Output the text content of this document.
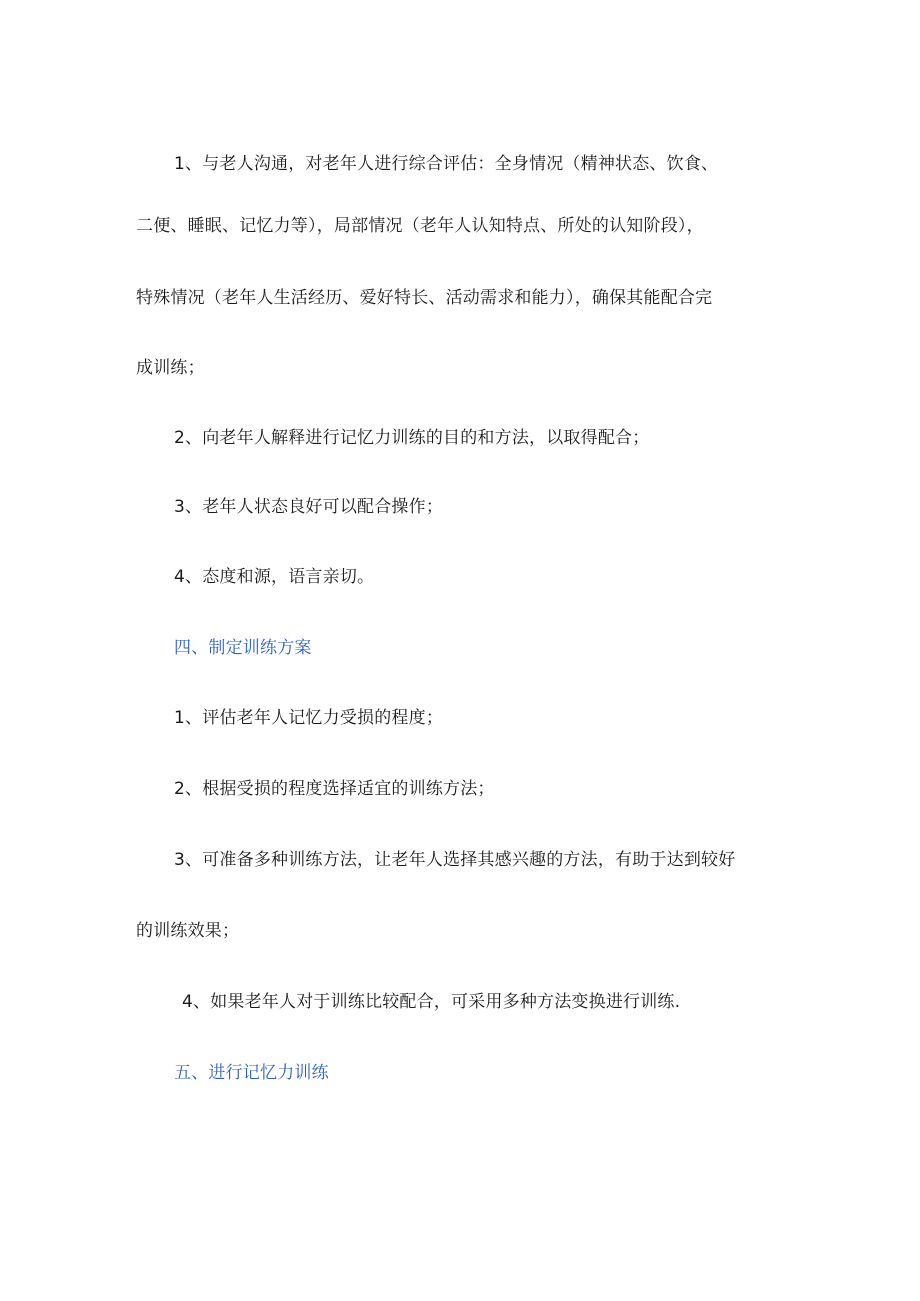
1、与老人沟通，对老年人进行综合评估：全身情况（精神状态、饮食、
二便、睡眠、记忆力等），局部情况（老年人认知特点、所处的认知阶段），
特殊情况（老年人生活经历、爱好特长、活动需求和能力），确保其能配合完
成训练；
2、向老年人解释进行记忆力训练的目的和方法，以取得配合；
3、老年人状态良好可以配合操作；
4、态度和源，语言亲切。
四、制定训练方案
1、评估老年人记忆力受损的程度；
2、根据受损的程度选择适宜的训练方法；
3、可准备多种训练方法，让老年人选择其感兴趣的方法，有助于达到较好
的训练效果；
4、如果老年人对于训练比较配合，可采用多种方法变换进行训练.
五、进行记忆力训练
